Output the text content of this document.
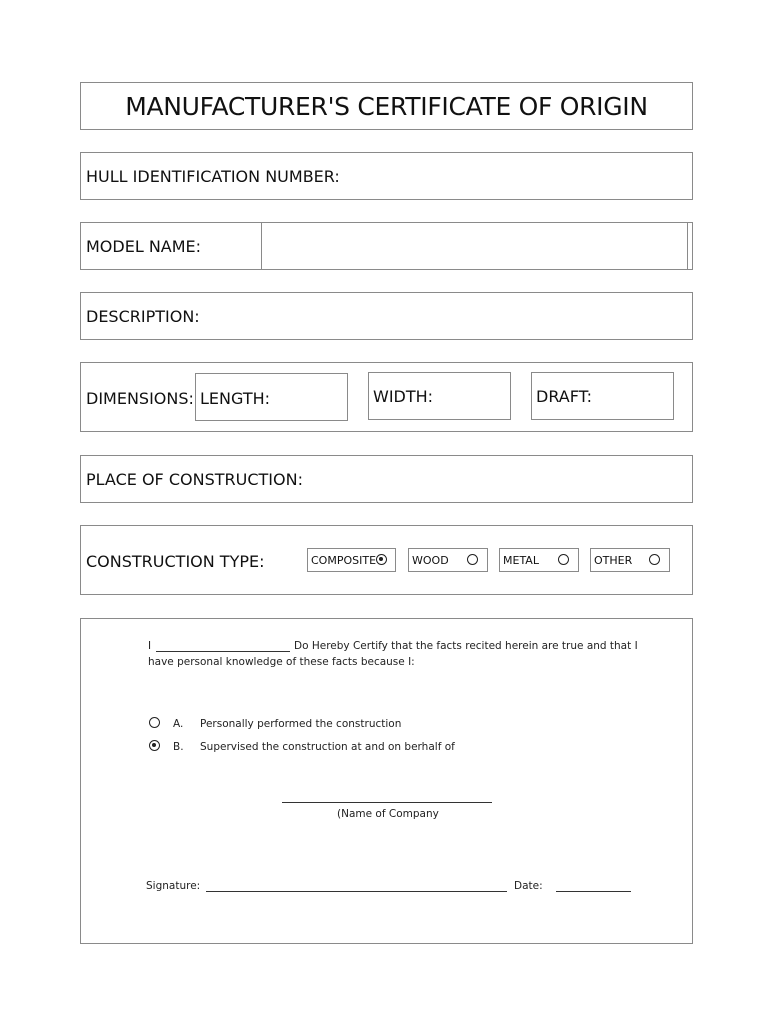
MANUFACTURER'S CERTIFICATE OF ORIGIN
HULL IDENTIFICATION NUMBER:
MODEL NAME:
DESCRIPTION:
DIMENSIONS: LENGTH:	WIDTH:	DRAFT:
PLACE OF CONSTRUCTION:
CONSTRUCTION TYPE:	COMPOSITE	WOOD	METAL	OTHER
I	Do Hereby Certify that the facts recited herein are true and that I
have personal knowledge of these facts because I:
A. Personally performed the construction
B. Supervised the construction at and on berhalf of
(Name of Company
Signature:	Date:
